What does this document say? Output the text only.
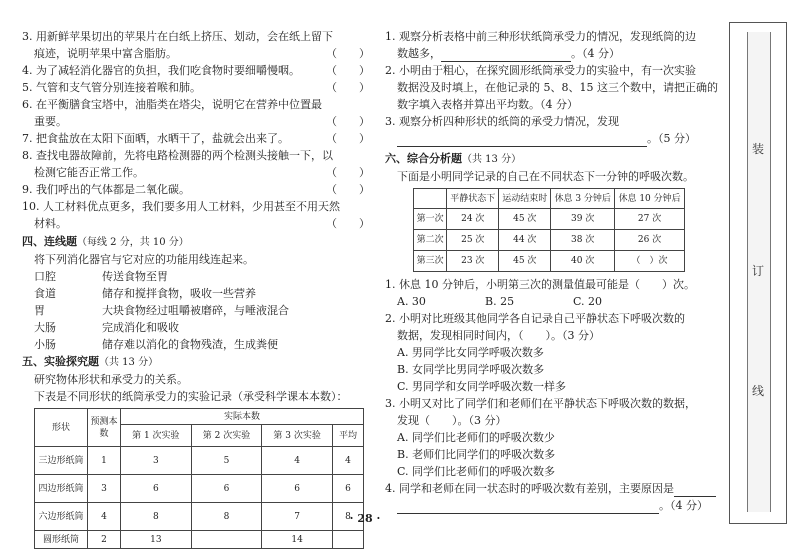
3. 用新鲜苹果切出的苹果片在白纸上挤压、划动，会在纸上留下
痕迹，说明苹果中富含脂肪。	（　　）
4. 为了减轻消化器官的负担，我们吃食物时要细嚼慢咽。 （　　）
5. 气管和支气管分别连接着喉和肺。	（　　）
6. 在平衡膳食宝塔中，油脂类在塔尖，说明它在营养中位置最
重要。	（　　）
7. 把食盐放在太阳下面晒，水晒干了，盐就会出来了。	（　　）
8. 查找电器故障前，先将电路检测器的两个检测头接触一下，以
检测它能否正常工作。	（　　）
9. 我们呼出的气体都是二氧化碳。	（　　）
10. 人工材料优点更多，我们要多用人工材料，少用甚至不用天然
材料。	（　　）
四、连线题（每线 2 分，共 10 分）
将下列消化器官与它对应的功能用线连起来。
口腔	传送食物至胃
食道	储存和搅拌食物，吸收一些营养
胃	大块食物经过咀嚼被磨碎，与唾液混合
大肠	完成消化和吸收
小肠	储存难以消化的食物残渣，生成粪便
五、实验探究题（共 13 分）
研究物体形状和承受力的关系。
下表是不同形状的纸筒承受力的实验记录（承受科学课本本数）：
形状	预测本数	实际本数			
		第 1 次实验	第 2 次实验	第 3 次实验	平均
三边形纸筒	1	3	5	4	4
四边形纸筒	3	6	6	6	6
六边形纸筒	4	8	8	7	8
圆形纸筒	2	13		14	
1. 观察分析表格中前三种形状纸筒承受力的情况，发现纸筒的边
数越多，	。（4 分）
2. 小明由于粗心，在探究圆形纸筒承受力的实验中，有一次实验
数据没及时填上，在他记录的 5、8、15 这三个数中，请把正确的
数字填入表格并算出平均数。（4 分）
3. 观察分析四种形状的纸筒的承受力情况，发现
。（5 分）
六、综合分析题（共 13 分）
下面是小明同学记录的自己在不同状态下一分钟的呼吸次数。
	平静状态下	运动结束时	休息 3 分钟后	休息 10 分钟后
第一次	24 次	45 次	39 次	27 次
第二次	25 次	44 次	38 次	26 次
第三次	23 次	45 次	40 次	（　）次
1. 休息 10 分钟后，小明第三次的测量值最可能是（　　）次。
A. 30	B. 25	C. 20
2. 小明对比班级其他同学各自记录自己平静状态下呼吸次数的
数据，发现相同时间内，（　　）。（3 分）
A. 男同学比女同学呼吸次数多
B. 女同学比男同学呼吸次数多
C. 男同学和女同学呼吸次数一样多
3. 小明又对比了同学们和老师们在平静状态下呼吸次数的数据，
发现（　　）。（3 分）
A. 同学们比老师们的呼吸次数少
B. 老师们比同学们的呼吸次数多
C. 同学们比老师们的呼吸次数多
4. 同学和老师在同一状态时的呼吸次数有差别，主要原因是
。（4 分）
· 28 ·
装
订
线
